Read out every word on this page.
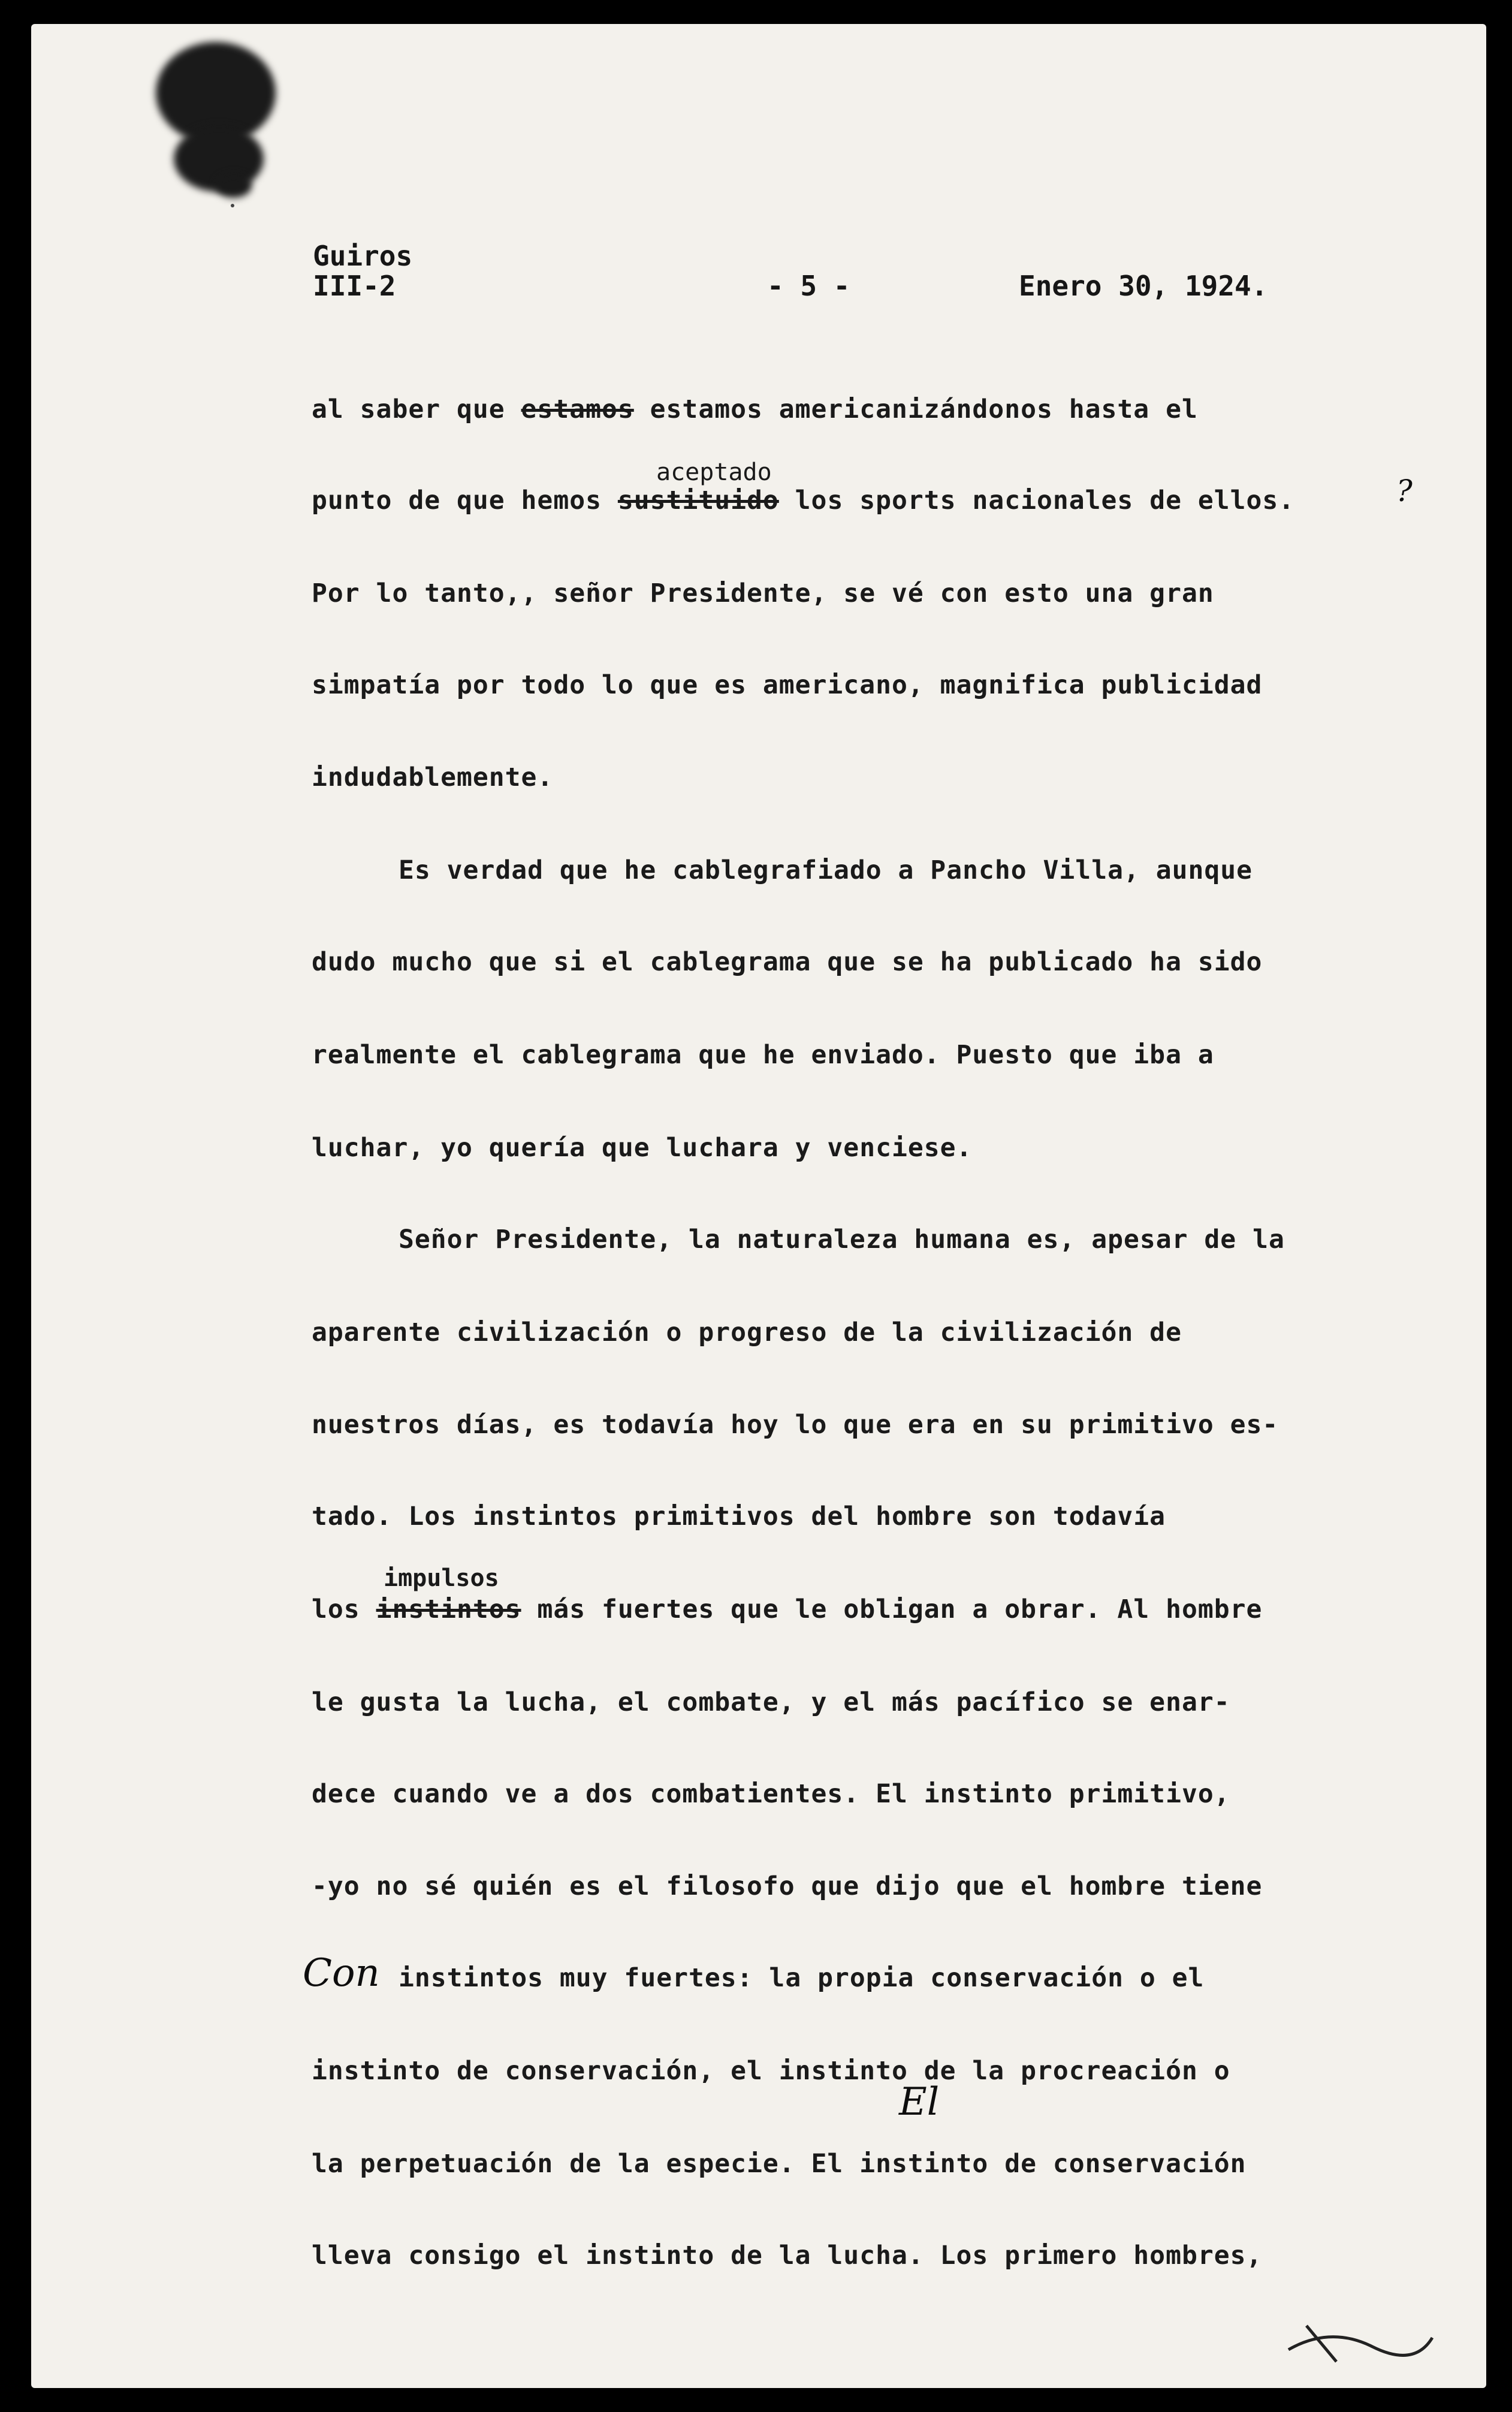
Guiros
III-2	- 5 -	Enero 30, 1924.
aceptado
impulsos
?
Con
El
al saber que estamos estamos americanizándonos hasta el
punto de que hemos sustituido los sports nacionales de ellos.
Por lo tanto,, señor Presidente, se vé con esto una gran
simpatía por todo lo que es americano, magnifica publicidad
indudablemente.
Es verdad que he cablegrafiado a Pancho Villa, aunque
dudo mucho que si el cablegrama que se ha publicado ha sido
realmente el cablegrama que he enviado. Puesto que iba a
luchar, yo quería que luchara y venciese.
Señor Presidente, la naturaleza humana es, apesar de la
aparente civilización o progreso de la civilización de
nuestros días, es todavía hoy lo que era en su primitivo es-
tado. Los instintos primitivos del hombre son todavía
los instintos más fuertes que le obligan a obrar. Al hombre
le gusta la lucha, el combate, y el más pacífico se enar-
dece cuando ve a dos combatientes. El instinto primitivo,
-yo no sé quién es el filosofo que dijo que el hombre tiene
instintos muy fuertes: la propia conservación o el
instinto de conservación, el instinto de la procreación o
la perpetuación de la especie. El instinto de conservación
lleva consigo el instinto de la lucha. Los primero hombres,
